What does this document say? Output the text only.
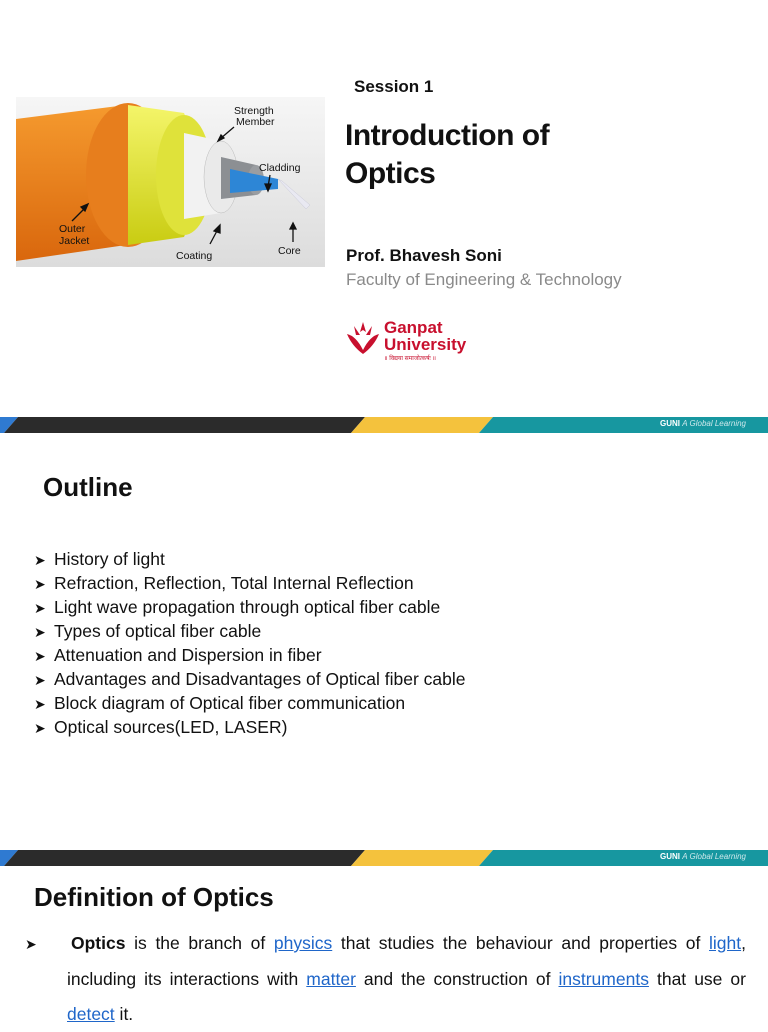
Strength
Member
Cladding
Outer
Jacket
Coating	Core
Session 1
Introduction of
Optics
Prof. Bhavesh Soni
Faculty of Engineering & Technology
Ganpat
University
॥ विद्यया समाजोत्कर्षः ॥
GUNI A Global Learning
Outline
➤ History of light
➤ Refraction, Reflection, Total Internal Reflection
➤ Light wave propagation through optical fiber cable
➤ Types of optical fiber cable
➤ Attenuation and Dispersion in fiber
➤ Advantages and Disadvantages of Optical fiber cable
➤ Block diagram of Optical fiber communication
➤ Optical sources(LED, LASER)
GUNI A Global Learning
Definition of Optics
➤ Optics is the branch of physics that studies the behaviour and properties of light, including its interactions with matter and the construction of instruments that use or detect it.
